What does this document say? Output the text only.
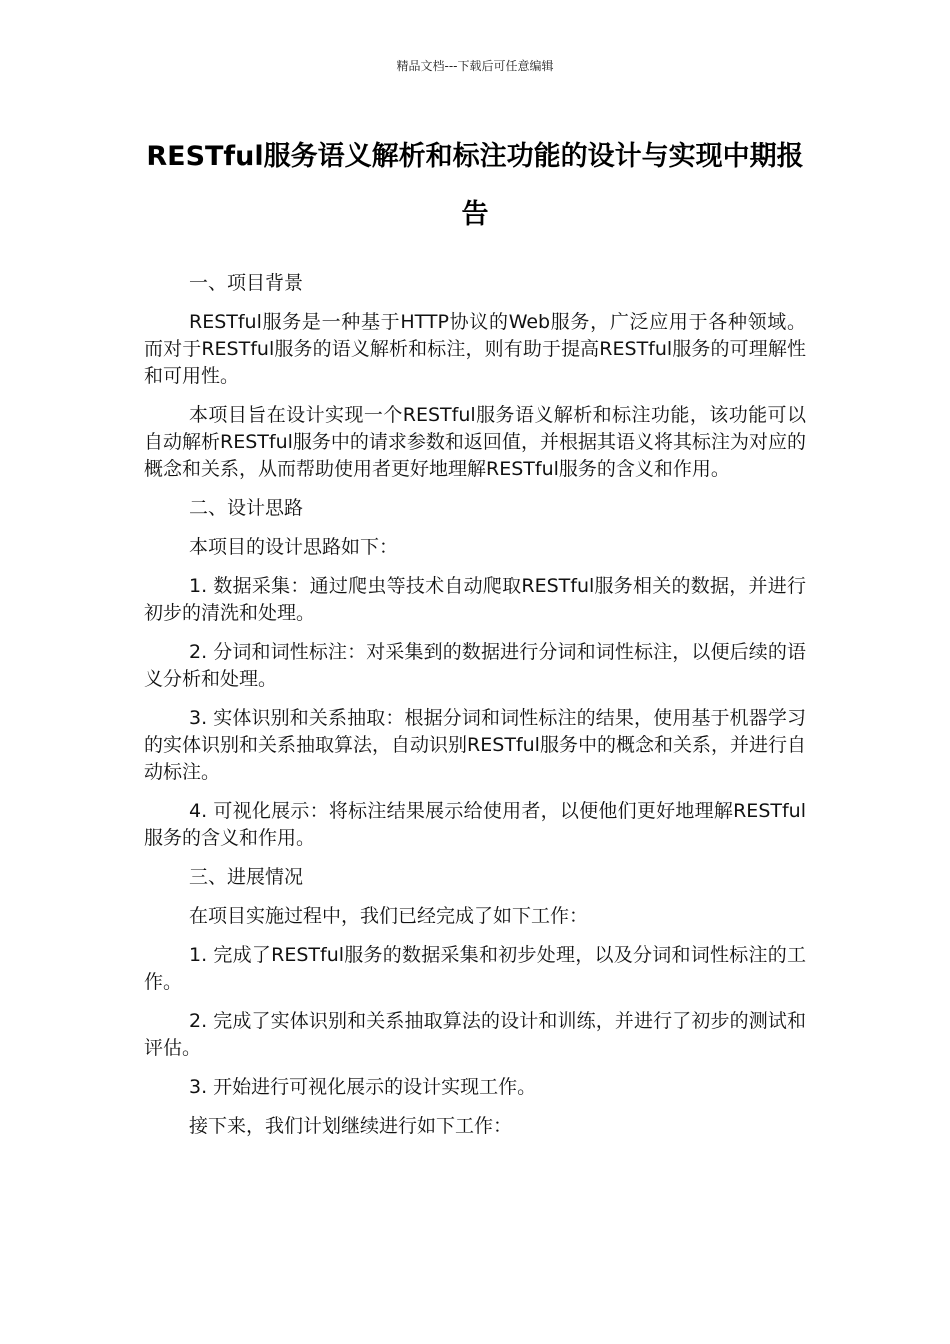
精品文档---下载后可任意编辑
RESTful服务语义解析和标注功能的设计与实现中期报告

一、项目背景

RESTful服务是一种基于HTTP协议的Web服务，广泛应用于各种领域。而对于RESTful服务的语义解析和标注，则有助于提高RESTful服务的可理解性和可用性。

本项目旨在设计实现一个RESTful服务语义解析和标注功能，该功能可以自动解析RESTful服务中的请求参数和返回值，并根据其语义将其标注为对应的概念和关系，从而帮助使用者更好地理解RESTful服务的含义和作用。

二、设计思路

本项目的设计思路如下：

1. 数据采集：通过爬虫等技术自动爬取RESTful服务相关的数据，并进行初步的清洗和处理。

2. 分词和词性标注：对采集到的数据进行分词和词性标注，以便后续的语义分析和处理。

3. 实体识别和关系抽取：根据分词和词性标注的结果，使用基于机器学习的实体识别和关系抽取算法，自动识别RESTful服务中的概念和关系，并进行自动标注。

4. 可视化展示：将标注结果展示给使用者，以便他们更好地理解RESTful服务的含义和作用。

三、进展情况

在项目实施过程中，我们已经完成了如下工作：

1. 完成了RESTful服务的数据采集和初步处理，以及分词和词性标注的工作。

2. 完成了实体识别和关系抽取算法的设计和训练，并进行了初步的测试和评估。

3. 开始进行可视化展示的设计实现工作。

接下来，我们计划继续进行如下工作：
